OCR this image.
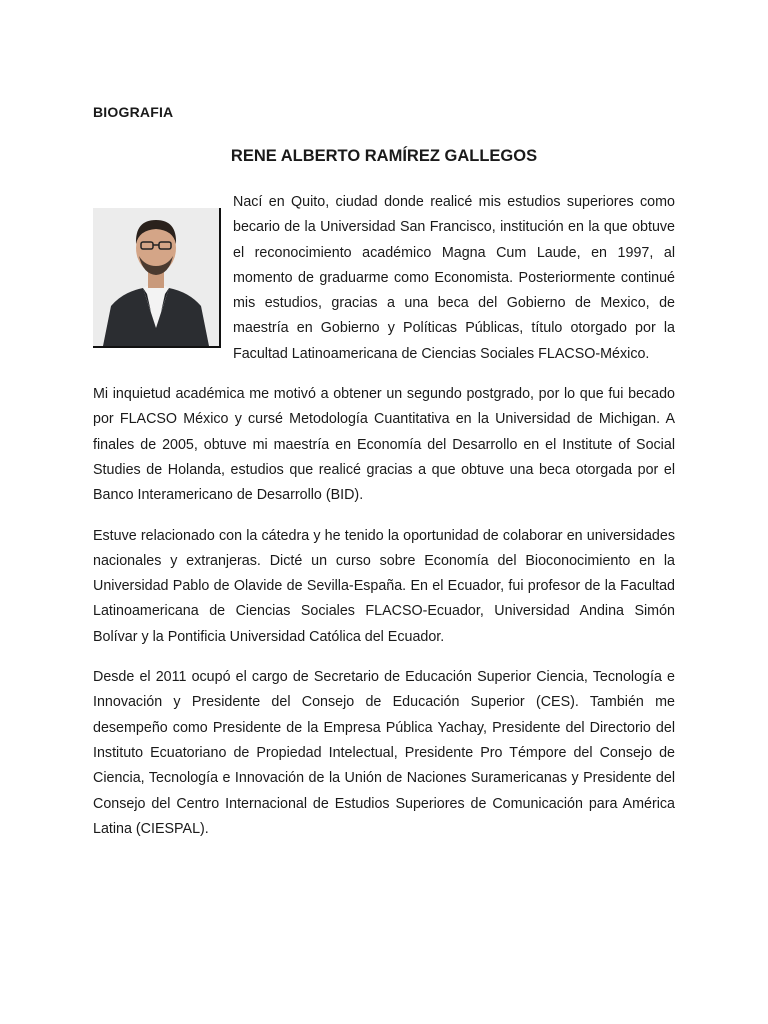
BIOGRAFIA
RENE ALBERTO RAMÍREZ GALLEGOS

Nací en Quito, ciudad donde realicé mis estudios superiores como becario de la Universidad San Francisco, institución en la que obtuve el reconocimiento académico Magna Cum Laude, en 1997, al momento de graduarme como Economista. Posteriormente continué mis estudios, gracias a una beca del Gobierno de Mexico, de maestría en Gobierno y Políticas Públicas, título otorgado por la Facultad Latinoamericana de Ciencias Sociales FLACSO-México.

Mi inquietud académica me motivó a obtener un segundo postgrado, por lo que fui becado por FLACSO México y cursé Metodología Cuantitativa en la Universidad de Michigan. A finales de 2005, obtuve mi maestría en Economía del Desarrollo en el Institute of Social Studies de Holanda, estudios que realicé gracias a que obtuve una beca otorgada por el Banco Interamericano de Desarrollo (BID).

Estuve relacionado con la cátedra y he tenido la oportunidad de colaborar en universidades nacionales y extranjeras. Dicté un curso sobre Economía del Bioconocimiento en la Universidad Pablo de Olavide de Sevilla-España. En el Ecuador, fui profesor de la Facultad Latinoamericana de Ciencias Sociales FLACSO-Ecuador, Universidad Andina Simón Bolívar y la Pontificia Universidad Católica del Ecuador.

Desde el 2011 ocupó el cargo de Secretario de Educación Superior Ciencia, Tecnología e Innovación y Presidente del Consejo de Educación Superior (CES). También me desempeño como Presidente de la Empresa Pública Yachay, Presidente del Directorio del Instituto Ecuatoriano de Propiedad Intelectual, Presidente Pro Témpore del Consejo de Ciencia, Tecnología e Innovación de la Unión de Naciones Suramericanas y Presidente del Consejo del Centro Internacional de Estudios Superiores de Comunicación para América Latina (CIESPAL).
